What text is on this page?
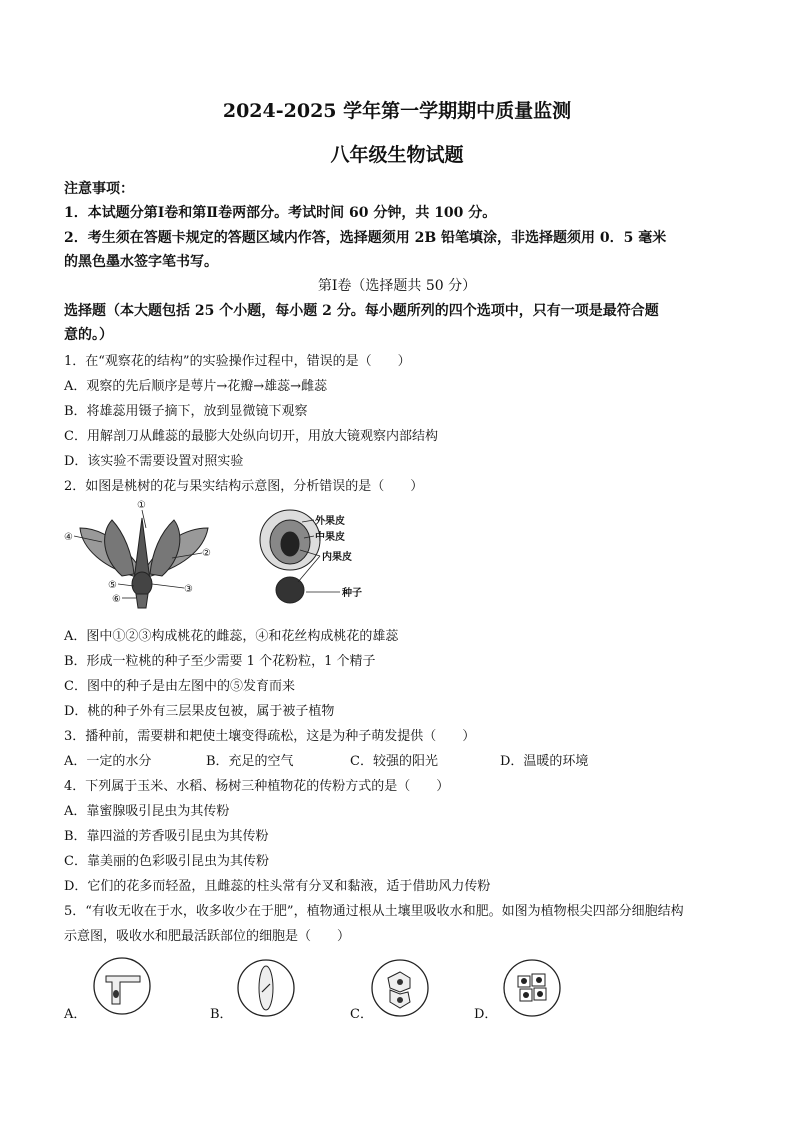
2024-2025 学年第一学期期中质量监测
八年级生物试题
注意事项：
1．本试题分第Ⅰ卷和第Ⅱ卷两部分。考试时间 60 分钟，共 100 分。
2．考生须在答题卡规定的答题区域内作答，选择题须用 2B 铅笔填涂，非选择题须用 0．5 毫米
的黑色墨水签字笔书写。
第Ⅰ卷（选择题共 50 分）
选择题（本大题包括 25 个小题，每小题 2 分。每小题所列的四个选项中，只有一项是最符合题
意的。）
1．在“观察花的结构”的实验操作过程中，错误的是（　　）
A．观察的先后顺序是萼片→花瓣→雄蕊→雌蕊
B．将雄蕊用镊子摘下，放到显微镜下观察
C．用解剖刀从雌蕊的最膨大处纵向切开，用放大镜观察内部结构
D．该实验不需要设置对照实验
2．如图是桃树的花与果实结构示意图，分析错误的是（　　）
①
②
③
④
⑤
⑥
外果皮
中果皮
内果皮
种子
A．图中①②③构成桃花的雌蕊，④和花丝构成桃花的雄蕊
B．形成一粒桃的种子至少需要 1 个花粉粒，1 个精子
C．图中的种子是由左图中的⑤发育而来
D．桃的种子外有三层果皮包被，属于被子植物
3．播种前，需要耕和耙使土壤变得疏松，这是为种子萌发提供（　　）
A．一定的水分	B．充足的空气	C．较强的阳光	D．温暖的环境
4．下列属于玉米、水稻、杨树三种植物花的传粉方式的是（　　）
A．靠蜜腺吸引昆虫为其传粉
B．靠四溢的芳香吸引昆虫为其传粉
C．靠美丽的色彩吸引昆虫为其传粉
D．它们的花多而轻盈，且雌蕊的柱头常有分叉和黏液，适于借助风力传粉
5．“有收无收在于水，收多收少在于肥”，植物通过根从土壤里吸收水和肥。如图为植物根尖四部分细胞结构
示意图，吸收水和肥最活跃部位的细胞是（　　）
A．	B．	C．	D．
